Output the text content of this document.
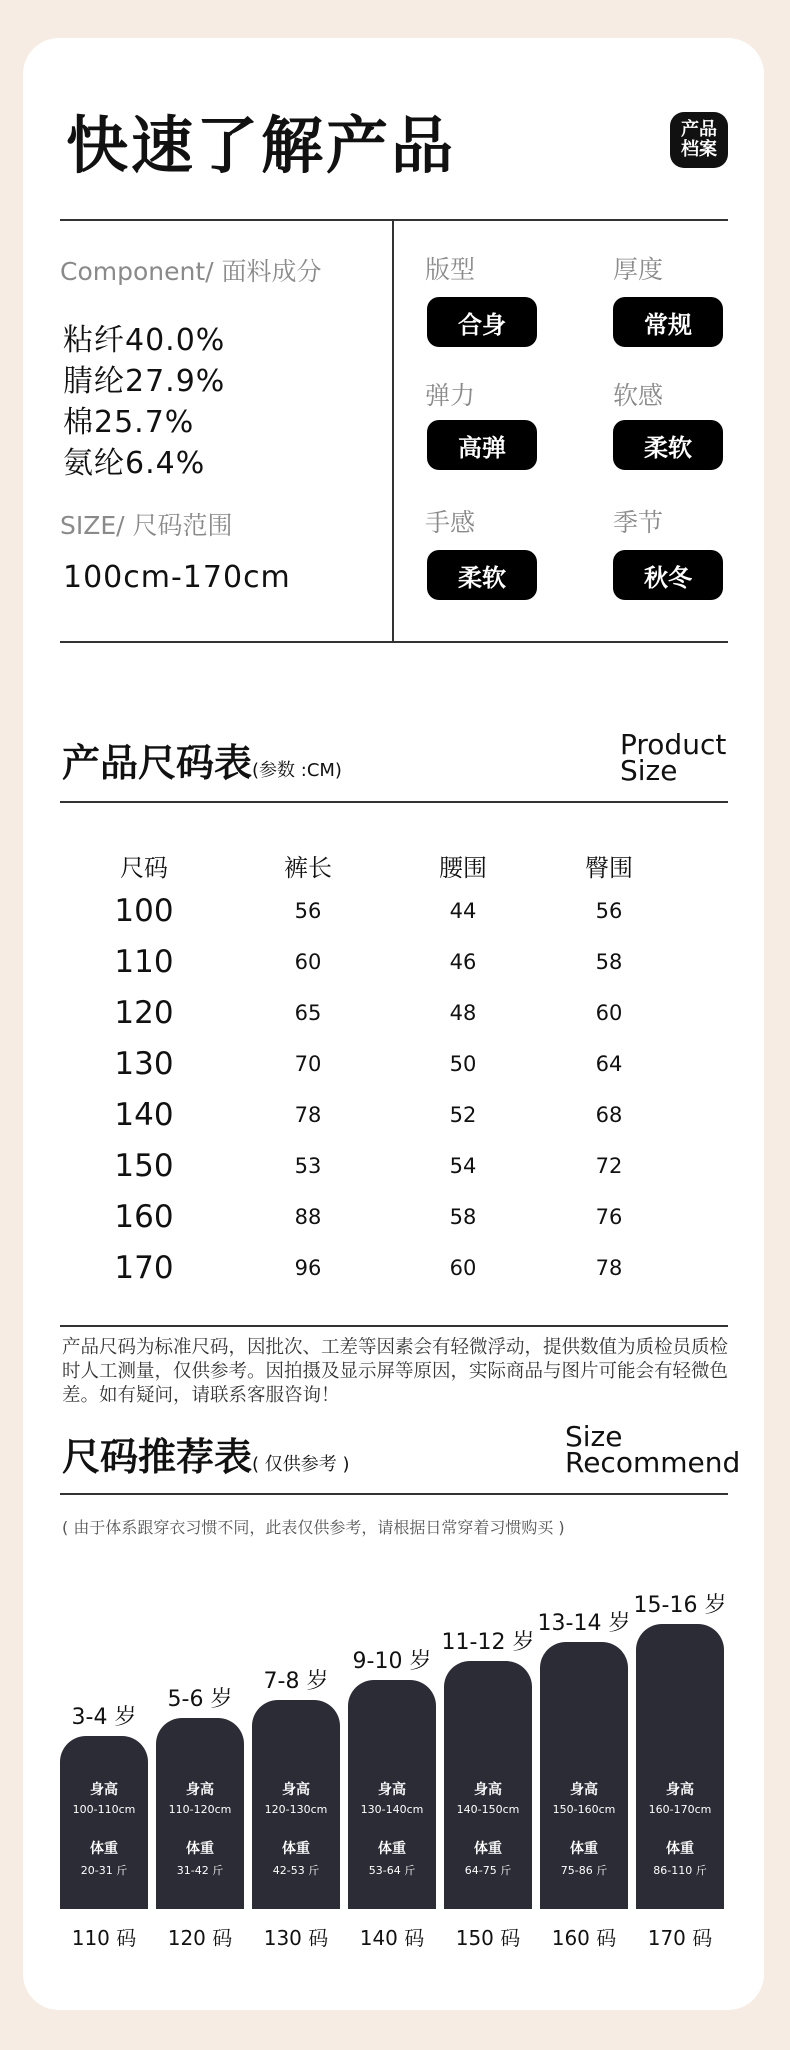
快速了解产品	产品
档案
Component/ 面料成分
粘纤40.0%
腈纶27.9%
棉25.7%
氨纶6.4%
SIZE/ 尺码范围
100cm-170cm
版型
合身
厚度
常规
弹力
高弹
软感
柔软
手感
柔软
季节
秋冬
产品尺码表(参数 :CM)
Product
Size
尺码	裤长	腰围	臀围
100	56	44	56
110	60	46	58
120	65	48	60
130	70	50	64
140	78	52	68
150	53	54	72
160	88	58	76
170	96	60	78
产品尺码为标准尺码，因批次、工差等因素会有轻微浮动，提供数值为质检员质检时人工测量，仅供参考。因拍摄及显示屏等原因，实际商品与图片可能会有轻微色差。如有疑问，请联系客服咨询！
尺码推荐表( 仅供参考 )
Size
Recommend
( 由于体系跟穿衣习惯不同，此表仅供参考，请根据日常穿着习惯购买 )
3-4 岁
身高
100-110cm
体重
20-31 斤
110 码
5-6 岁
身高
110-120cm
体重
31-42 斤
120 码
7-8 岁
身高
120-130cm
体重
42-53 斤
130 码
9-10 岁
身高
130-140cm
体重
53-64 斤
140 码
11-12 岁
身高
140-150cm
体重
64-75 斤
150 码
13-14 岁
身高
150-160cm
体重
75-86 斤
160 码
15-16 岁
身高
160-170cm
体重
86-110 斤
170 码
